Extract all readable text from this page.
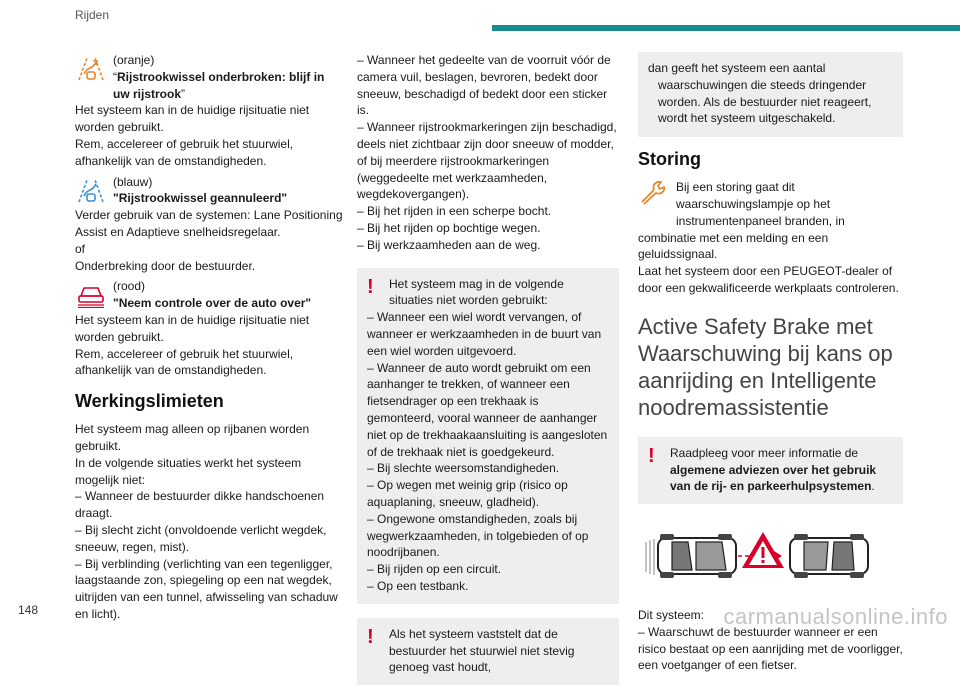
Rijden

(oranje)

“Rijstrookwissel onderbroken: blijf in uw rijstrook”

Het systeem kan in de huidige rijsituatie niet worden gebruikt.

Rem, accelereer of gebruik het stuurwiel, afhankelijk van de omstandigheden.

(blauw)

"Rijstrookwissel geannuleerd"

Verder gebruik van de systemen: Lane Positioning Assist en Adaptieve snelheidsregelaar.

of

Onderbreking door de bestuurder.

(rood)

"Neem controle over de auto over"

Het systeem kan in de huidige rijsituatie niet worden gebruikt.

Rem, accelereer of gebruik het stuurwiel, afhankelijk van de omstandigheden.

Werkingslimieten

Het systeem mag alleen op rijbanen worden gebruikt.

In de volgende situaties werkt het systeem mogelijk niet:

– Wanneer de bestuurder dikke handschoenen draagt.

– Bij slecht zicht (onvoldoende verlicht wegdek, sneeuw, regen, mist).

– Bij verblinding (verlichting van een tegenligger, laagstaande zon, spiegeling op een nat wegdek, uitrijden van een tunnel, afwisseling van schaduw en licht).

– Wanneer het gedeelte van de voorruit vóór de camera vuil, beslagen, bevroren, bedekt door sneeuw, beschadigd of bedekt door een sticker is.

– Wanneer rijstrookmarkeringen zijn beschadigd, deels niet zichtbaar zijn door sneeuw of modder, of bij meerdere rijstrookmarkeringen (weggedeelte met werkzaamheden, wegdekovergangen).

– Bij het rijden in een scherpe bocht.

– Bij het rijden op bochtige wegen.

– Bij werkzaamheden aan de weg.

! Het systeem mag in de volgende situaties niet worden gebruikt:

– Wanneer een wiel wordt vervangen, of wanneer er werkzaamheden in de buurt van een wiel worden uitgevoerd.

– Wanneer de auto wordt gebruikt om een aanhanger te trekken, of wanneer een fietsendrager op een trekhaak is gemonteerd, vooral wanneer de aanhanger niet op de trekhaakaansluiting is aangesloten of de trekhaak niet is goedgekeurd.

– Bij slechte weersomstandigheden.

– Op wegen met weinig grip (risico op aquaplaning, sneeuw, gladheid).

– Ongewone omstandigheden, zoals bij wegwerkzaamheden, in tolgebieden of op noodrijbanen.

– Bij rijden op een circuit.

– Op een testbank.

! Als het systeem vaststelt dat de bestuurder het stuurwiel niet stevig genoeg vast houdt,

dan geeft het systeem een aantal

waarschuwingen die steeds dringender worden. Als de bestuurder niet reageert, wordt het systeem uitgeschakeld.

Storing

Bij een storing gaat dit waarschuwingslampje op het instrumentenpaneel branden, in

combinatie met een melding en een geluidssignaal.

Laat het systeem door een PEUGEOT-dealer of door een gekwalificeerde werkplaats controleren.

Active Safety Brake met
Waarschuwing bij kans op
aanrijding en Intelligente
noodremassistentie
! Raadpleeg voor meer informatie de algemene adviezen over het gebruik van de rij- en parkeerhulpsystemen.

Dit systeem:

– Waarschuwt de bestuurder wanneer er een risico bestaat op een aanrijding met de voorligger, een voetganger of een fietser.

148	carmanualsonline.info
